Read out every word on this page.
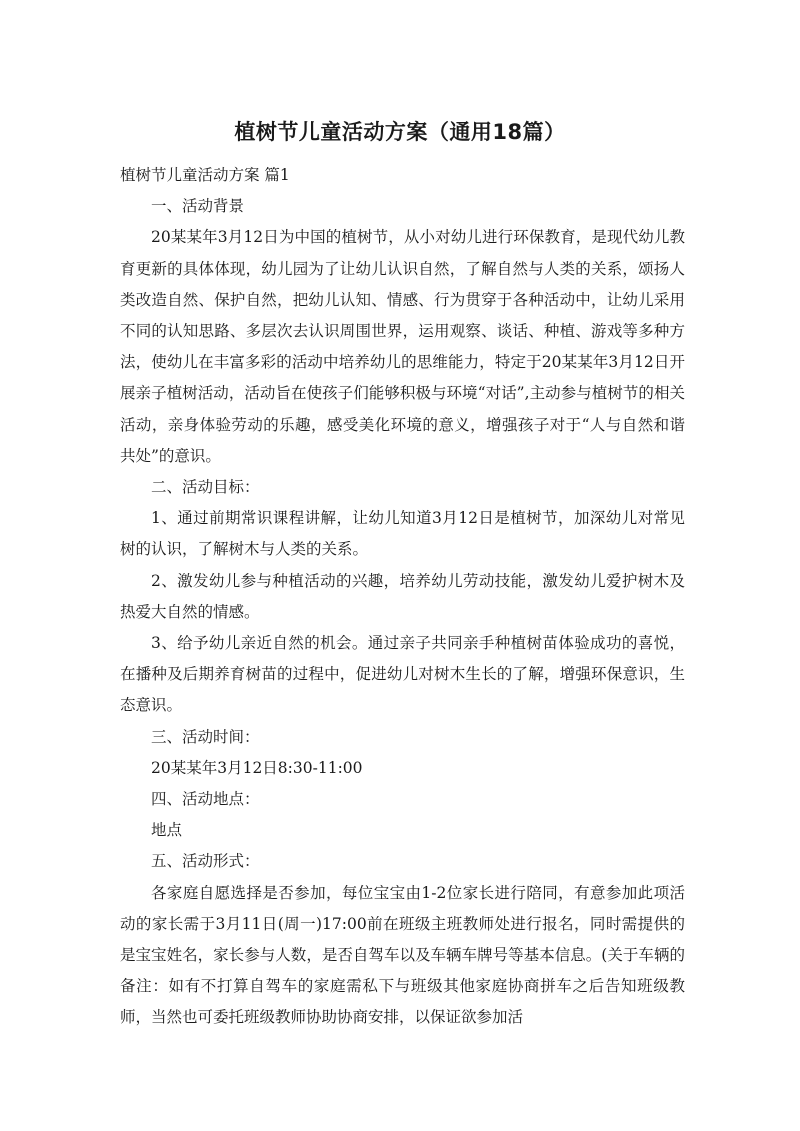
植树节儿童活动方案（通用18篇）

植树节儿童活动方案 篇1

一、活动背景

20某某年3月12日为中国的植树节，从小对幼儿进行环保教育，是现代幼儿教育更新的具体体现，幼儿园为了让幼儿认识自然，了解自然与人类的关系，颂扬人类改造自然、保护自然，把幼儿认知、情感、行为贯穿于各种活动中，让幼儿采用不同的认知思路、多层次去认识周围世界，运用观察、谈话、种植、游戏等多种方法，使幼儿在丰富多彩的活动中培养幼儿的思维能力，特定于20某某年3月12日开展亲子植树活动，活动旨在使孩子们能够积极与环境“对话”,主动参与植树节的相关活动，亲身体验劳动的乐趣，感受美化环境的意义，增强孩子对于“人与自然和谐共处”的意识。

二、活动目标：

1、通过前期常识课程讲解，让幼儿知道3月12日是植树节，加深幼儿对常见树的认识，了解树木与人类的关系。

2、激发幼儿参与种植活动的兴趣，培养幼儿劳动技能，激发幼儿爱护树木及热爱大自然的情感。

3、给予幼儿亲近自然的机会。通过亲子共同亲手种植树苗体验成功的喜悦，在播种及后期养育树苗的过程中，促进幼儿对树木生长的了解，增强环保意识，生态意识。

三、活动时间：

20某某年3月12日8:30-11:00

四、活动地点：

地点

五、活动形式：

各家庭自愿选择是否参加，每位宝宝由1-2位家长进行陪同，有意参加此项活动的家长需于3月11日(周一)17:00前在班级主班教师处进行报名，同时需提供的是宝宝姓名，家长参与人数，是否自驾车以及车辆车牌号等基本信息。(关于车辆的备注：如有不打算自驾车的家庭需私下与班级其他家庭协商拼车之后告知班级教师，当然也可委托班级教师协助协商安排，以保证欲参加活
